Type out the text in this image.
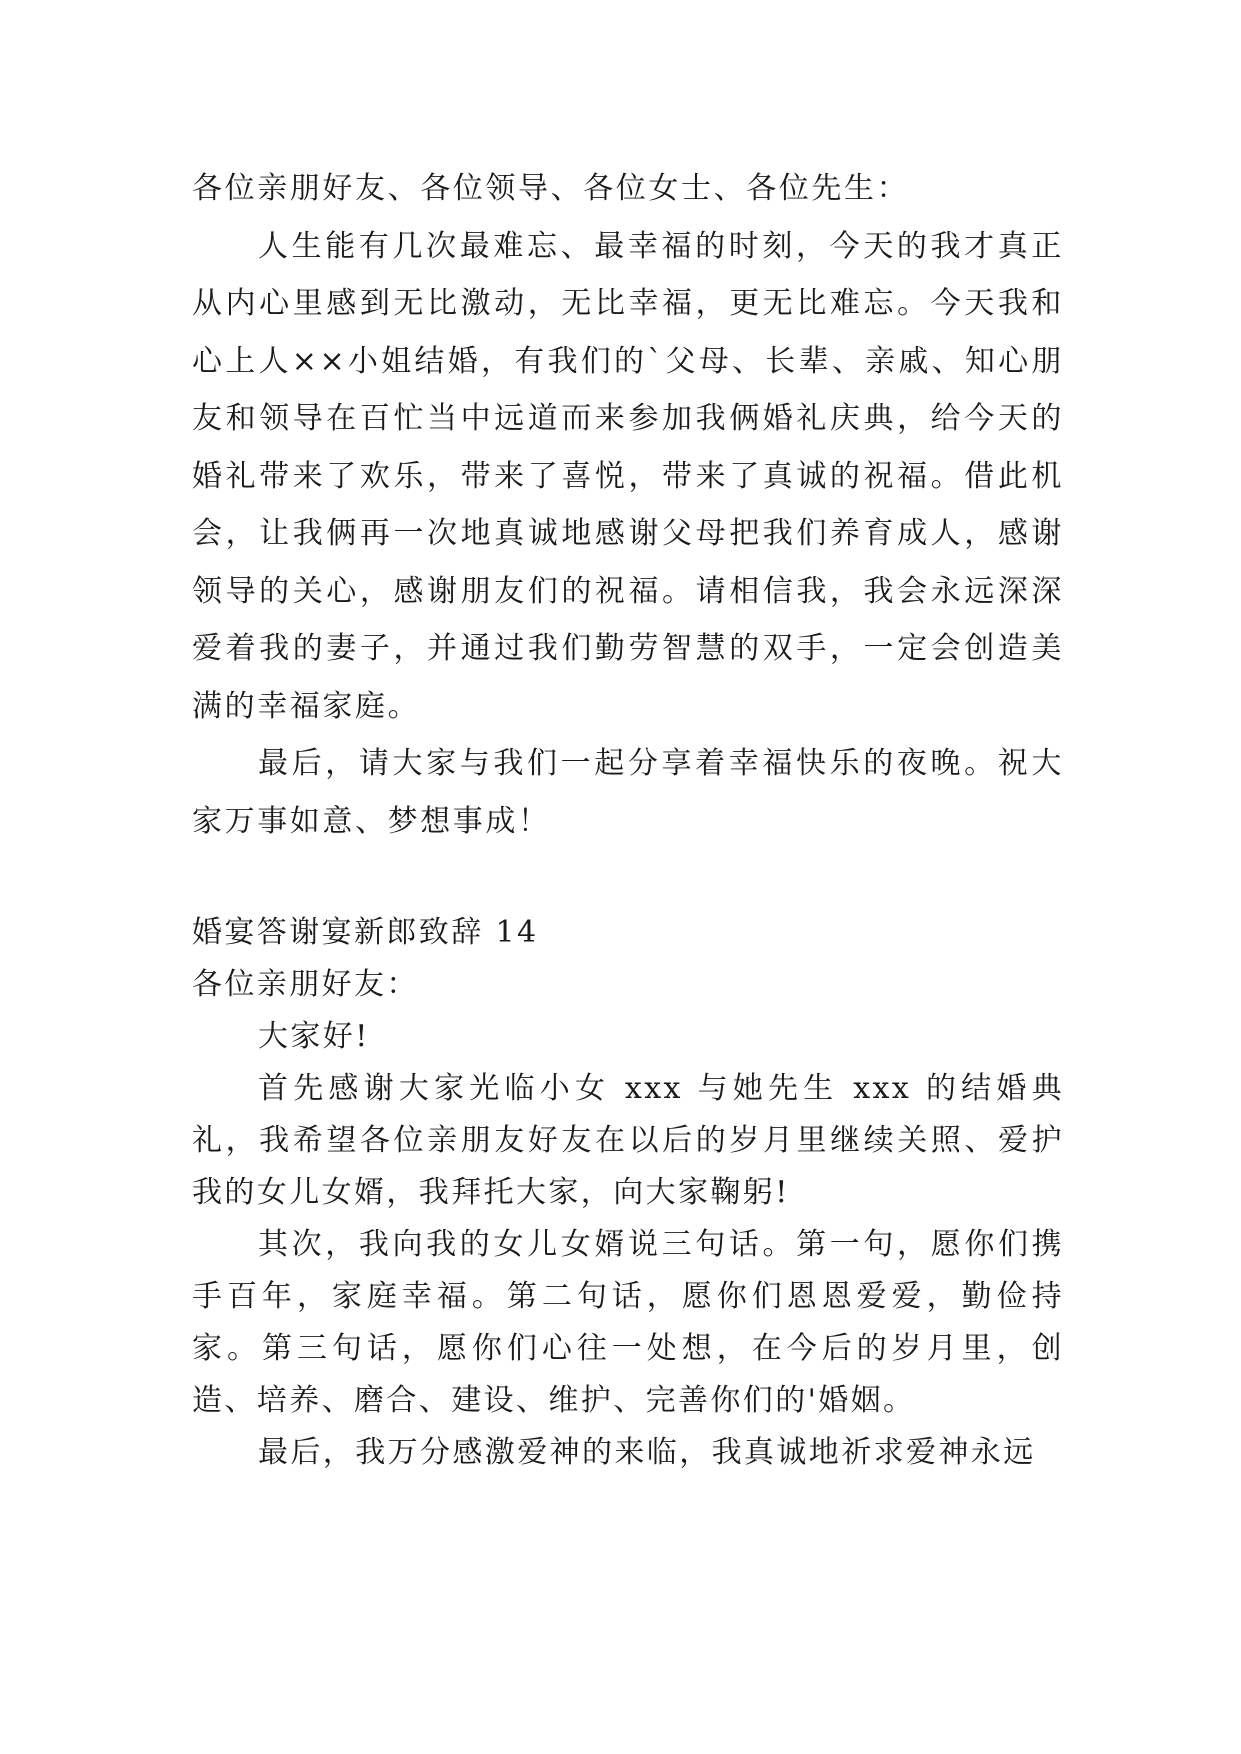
各位亲朋好友、各位领导、各位女士、各位先生：

人生能有几次最难忘、最幸福的时刻，今天的我才真正从内心里感到无比激动，无比幸福，更无比难忘。今天我和心上人××小姐结婚，有我们的`父母、长辈、亲戚、知心朋友和领导在百忙当中远道而来参加我俩婚礼庆典，给今天的婚礼带来了欢乐，带来了喜悦，带来了真诚的祝福。借此机会，让我俩再一次地真诚地感谢父母把我们养育成人，感谢领导的关心，感谢朋友们的祝福。请相信我，我会永远深深爱着我的妻子，并通过我们勤劳智慧的双手，一定会创造美满的幸福家庭。

最后，请大家与我们一起分享着幸福快乐的夜晚。祝大家万事如意、梦想事成！

婚宴答谢宴新郎致辞 14

各位亲朋好友：

大家好!

首先感谢大家光临小女 xxx 与她先生 xxx 的结婚典礼，我希望各位亲朋友好友在以后的岁月里继续关照、爱护我的女儿女婿，我拜托大家，向大家鞠躬!

其次，我向我的女儿女婿说三句话。第一句，愿你们携手百年，家庭幸福。第二句话，愿你们恩恩爱爱，勤俭持家。第三句话，愿你们心往一处想，在今后的岁月里，创造、培养、磨合、建设、维护、完善你们的'婚姻。

最后，我万分感激爱神的来临，我真诚地祈求爱神永远
